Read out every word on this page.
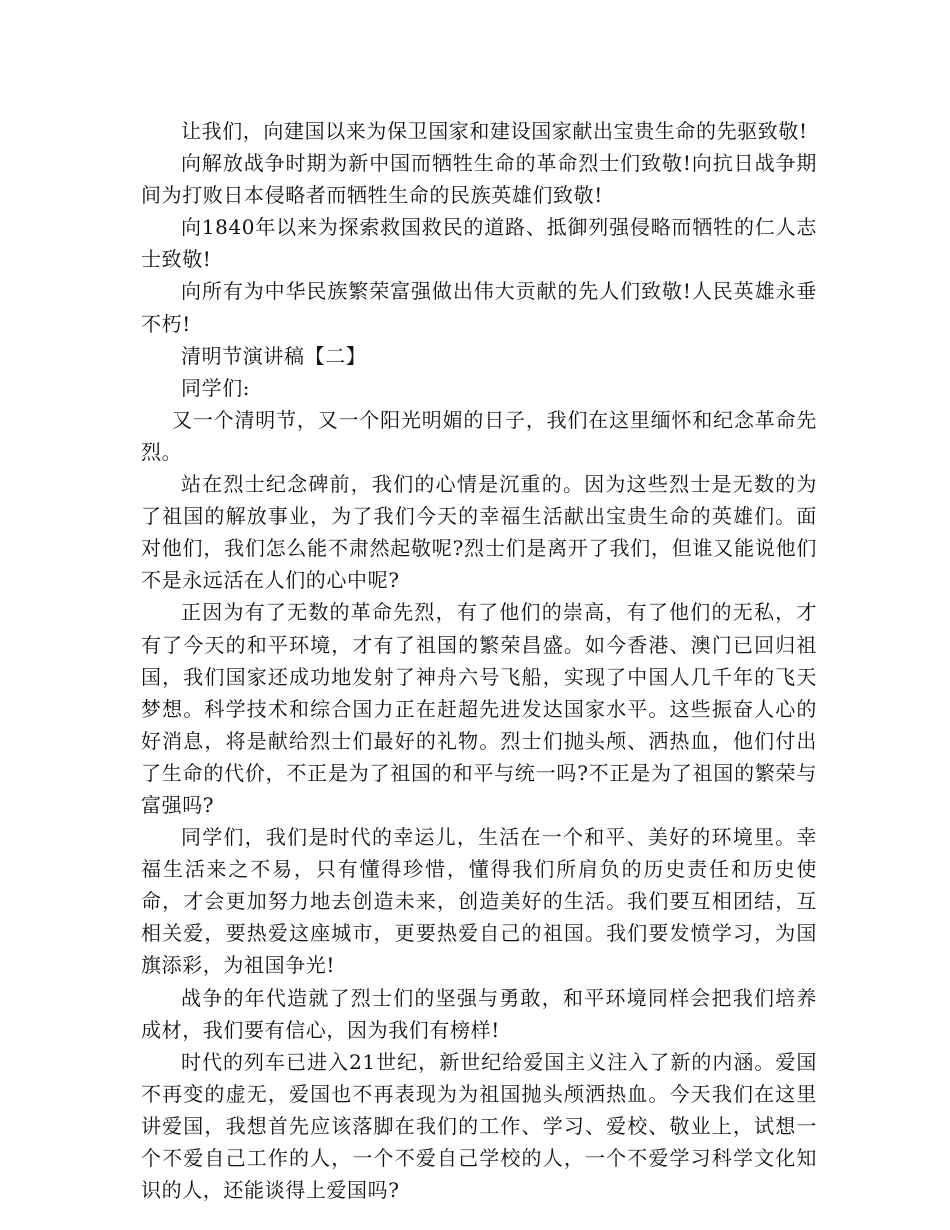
让我们，向建国以来为保卫国家和建设国家献出宝贵生命的先驱致敬!

向解放战争时期为新中国而牺牲生命的革命烈士们致敬!向抗日战争期间为打败日本侵略者而牺牲生命的民族英雄们致敬!

向1840年以来为探索救国救民的道路、抵御列强侵略而牺牲的仁人志士致敬!

向所有为中华民族繁荣富强做出伟大贡献的先人们致敬!人民英雄永垂不朽!

清明节演讲稿【二】

同学们:

又一个清明节，又一个阳光明媚的日子，我们在这里缅怀和纪念革命先烈。

站在烈士纪念碑前，我们的心情是沉重的。因为这些烈士是无数的为了祖国的解放事业，为了我们今天的幸福生活献出宝贵生命的英雄们。面对他们，我们怎么能不肃然起敬呢?烈士们是离开了我们，但谁又能说他们不是永远活在人们的心中呢?

正因为有了无数的革命先烈，有了他们的崇高，有了他们的无私，才有了今天的和平环境，才有了祖国的繁荣昌盛。如今香港、澳门已回归祖国，我们国家还成功地发射了神舟六号飞船，实现了中国人几千年的飞天梦想。科学技术和综合国力正在赶超先进发达国家水平。这些振奋人心的好消息，将是献给烈士们最好的礼物。烈士们抛头颅、洒热血，他们付出了生命的代价，不正是为了祖国的和平与统一吗?不正是为了祖国的繁荣与富强吗?

同学们，我们是时代的幸运儿，生活在一个和平、美好的环境里。幸福生活来之不易，只有懂得珍惜，懂得我们所肩负的历史责任和历史使命，才会更加努力地去创造未来，创造美好的生活。我们要互相团结，互相关爱，要热爱这座城市，更要热爱自己的祖国。我们要发愤学习，为国旗添彩，为祖国争光!

战争的年代造就了烈士们的坚强与勇敢，和平环境同样会把我们培养成材，我们要有信心，因为我们有榜样!

时代的列车已进入21世纪，新世纪给爱国主义注入了新的内涵。爱国不再变的虚无，爱国也不再表现为为祖国抛头颅洒热血。今天我们在这里讲爱国，我想首先应该落脚在我们的工作、学习、爱校、敬业上，试想一个不爱自己工作的人，一个不爱自己学校的人，一个不爱学习科学文化知识的人，还能谈得上爱国吗?
